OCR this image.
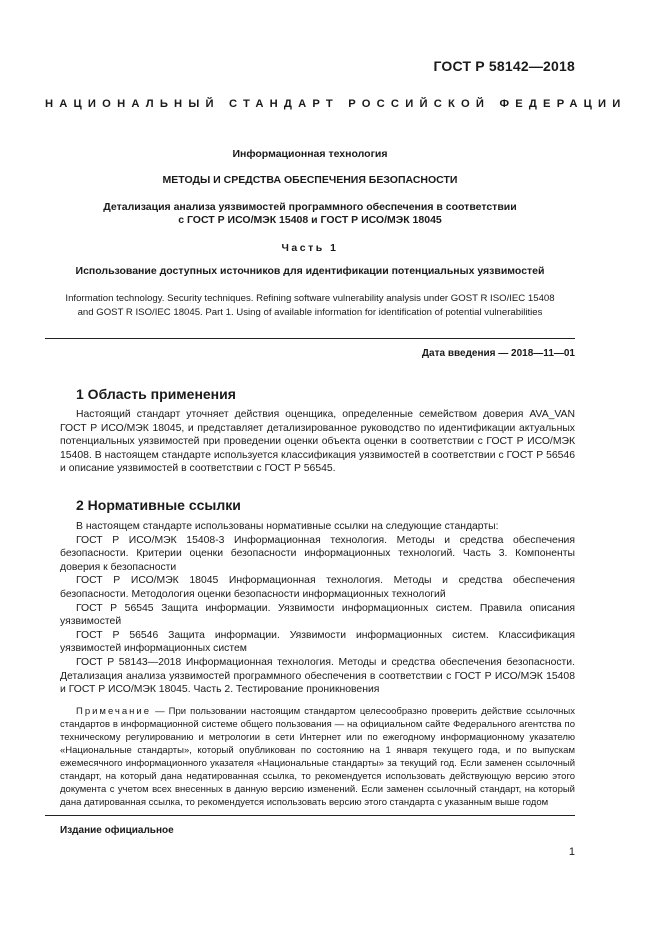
ГОСТ Р 58142—2018
НАЦИОНАЛЬНЫЙ СТАНДАРТ РОССИЙСКОЙ ФЕДЕРАЦИИ
Информационная технология
МЕТОДЫ И СРЕДСТВА ОБЕСПЕЧЕНИЯ БЕЗОПАСНОСТИ
Детализация анализа уязвимостей программного обеспечения в соответствии
с ГОСТ Р ИСО/МЭК 15408 и ГОСТ Р ИСО/МЭК 18045
Часть 1
Использование доступных источников для идентификации потенциальных уязвимостей
Information technology. Security techniques. Refining software vulnerability analysis under GOST R ISO/IEC 15408
and GOST R ISO/IEC 18045. Part 1. Using of available information for identification of potential vulnerabilities
Дата введения — 2018—11—01
1 Область применения

Настоящий стандарт уточняет действия оценщика, определенные семейством доверия AVA_VAN ГОСТ Р ИСО/МЭК 18045, и представляет детализированное руководство по идентификации актуальных потенциальных уязвимостей при проведении оценки объекта оценки в соответствии с ГОСТ Р ИСО/МЭК 15408. В настоящем стандарте используется классификация уязвимостей в соответствии с ГОСТ Р 56546 и описание уязвимостей в соответствии с ГОСТ Р 56545.

2 Нормативные ссылки

В настоящем стандарте использованы нормативные ссылки на следующие стандарты:

ГОСТ Р ИСО/МЭК 15408-3 Информационная технология. Методы и средства обеспечения безопасности. Критерии оценки безопасности информационных технологий. Часть 3. Компоненты доверия к безопасности

ГОСТ Р ИСО/МЭК 18045 Информационная технология. Методы и средства обеспечения безопасности. Методология оценки безопасности информационных технологий

ГОСТ Р 56545 Защита информации. Уязвимости информационных систем. Правила описания уязвимостей

ГОСТ Р 56546 Защита информации. Уязвимости информационных систем. Классификация уязвимостей информационных систем

ГОСТ Р 58143—2018 Информационная технология. Методы и средства обеспечения безопасности. Детализация анализа уязвимостей программного обеспечения в соответствии с ГОСТ Р ИСО/МЭК 15408 и ГОСТ Р ИСО/МЭК 18045. Часть 2. Тестирование проникновения

Примечание — При пользовании настоящим стандартом целесообразно проверить действие ссылочных стандартов в информационной системе общего пользования — на официальном сайте Федерального агентства по техническому регулированию и метрологии в сети Интернет или по ежегодному информационному указателю «Национальные стандарты», который опубликован по состоянию на 1 января текущего года, и по выпускам ежемесячного информационного указателя «Национальные стандарты» за текущий год. Если заменен ссылочный стандарт, на который дана недатированная ссылка, то рекомендуется использовать действующую версию этого документа с учетом всех внесенных в данную версию изменений. Если заменен ссылочный стандарт, на который дана датированная ссылка, то рекомендуется использовать версию этого стандарта с указанным выше годом

Издание официальное
1
